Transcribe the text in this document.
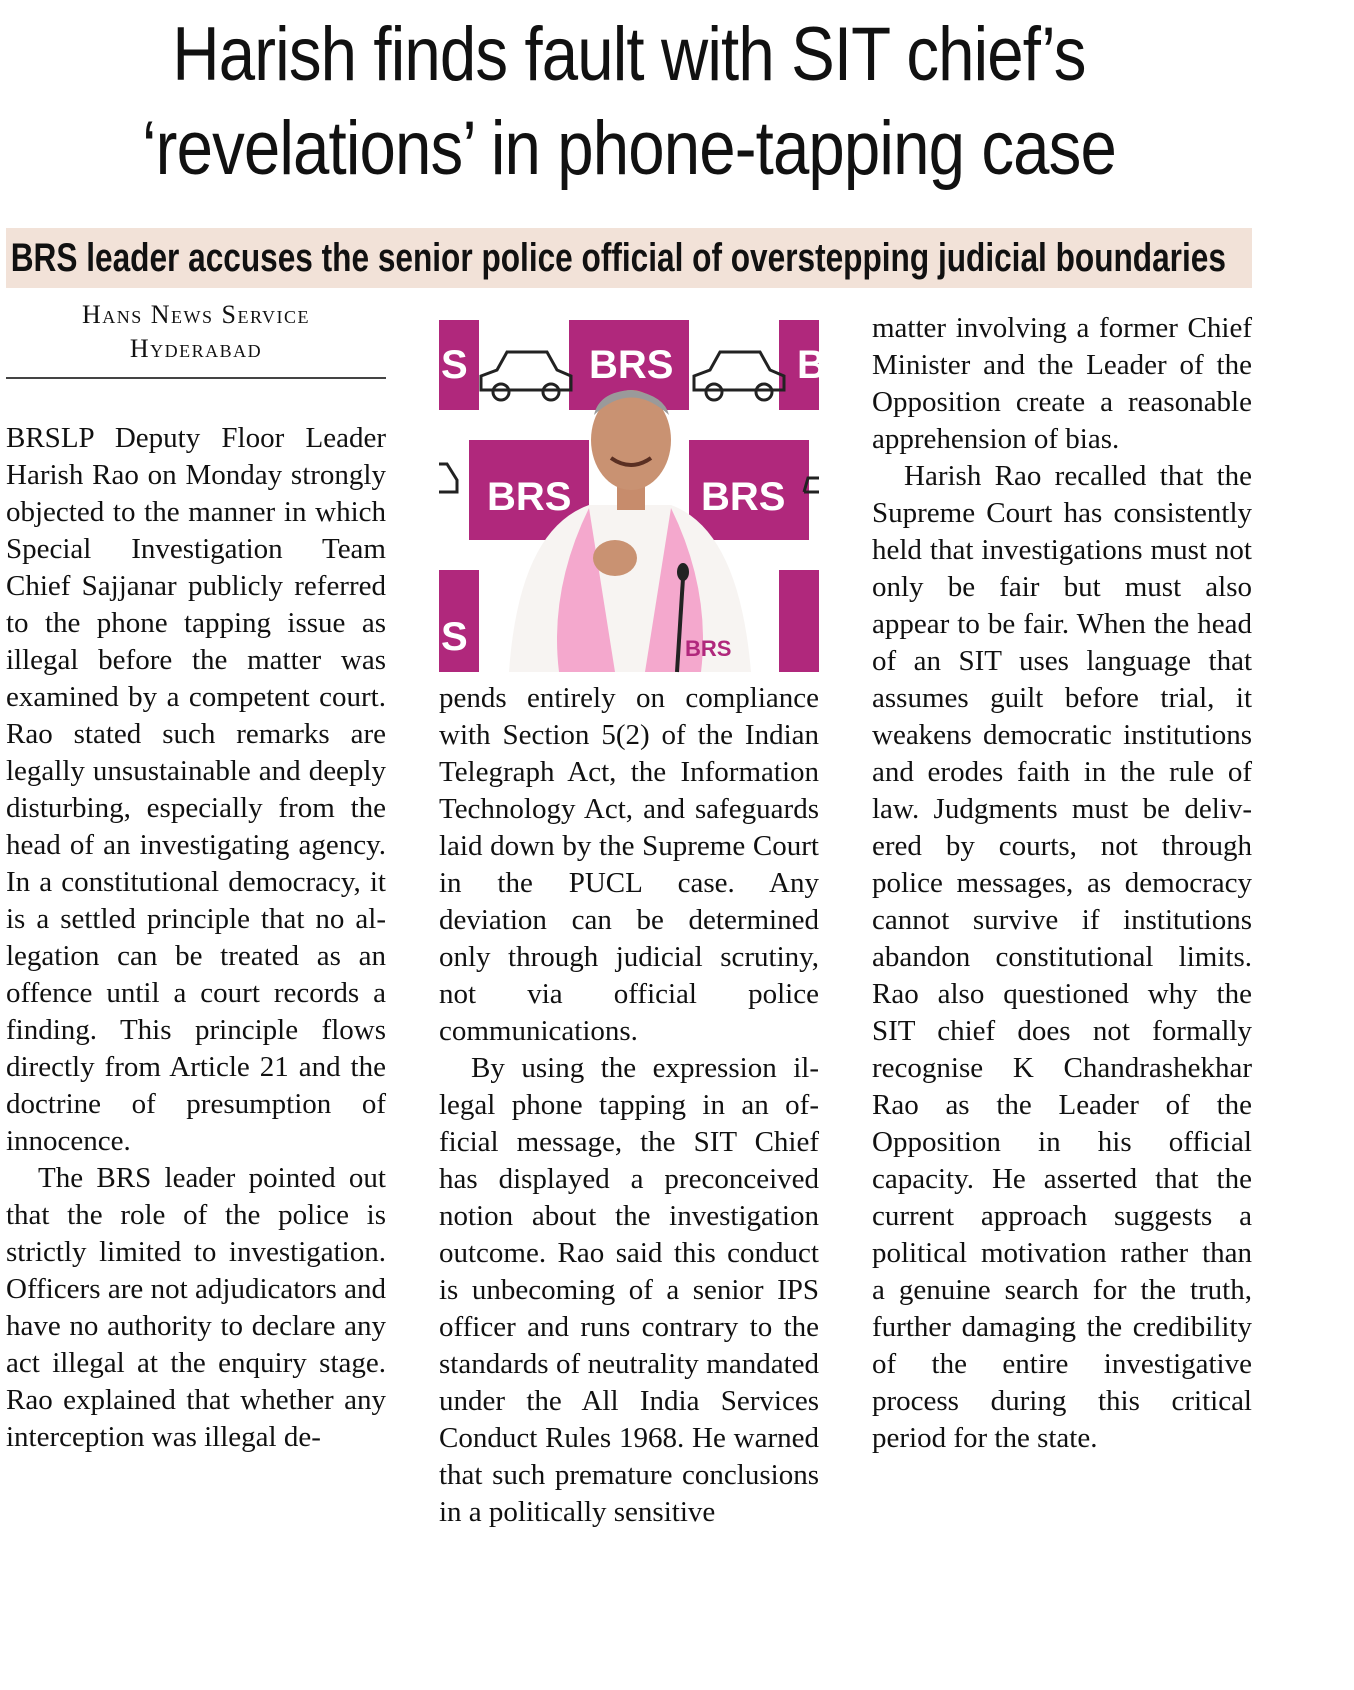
Harish finds fault with SIT chief’s
‘revelations’ in phone-tapping case
BRS leader accuses the senior police official of overstepping judicial boundaries
Hans News Service
Hyderabad

BRSLP Deputy Floor Leader Harish Rao on Monday strongly objected to the manner in which Special Investigation Team Chief Sajjanar publicly referred to the phone tapping issue as illegal before the matter was examined by a competent court. Rao stated such remarks are legally unsustainable and deeply disturbing, especially from the head of an investigating agency. In a constitutional democracy, it is a settled principle that no allegation can be treated as an offence until a court records a finding. This principle flows directly from Article 21 and the doctrine of presumption of innocence.

The BRS leader pointed out that the role of the police is strictly limited to investigation. Officers are not adjudicators and have no authority to declare any act illegal at the enquiry stage. Rao explained that whether any interception was illegal de-

BRS
BRS	BRS
S	B
S	BRS

pends entirely on compliance with Section 5(2) of the Indian Telegraph Act, the Information Technology Act, and safeguards laid down by the Supreme Court in the PUCL case. Any deviation can be determined only through judicial scrutiny, not via official police communications.

By using the expression illegal phone tapping in an official message, the SIT Chief has displayed a preconceived notion about the investigation outcome. Rao said this conduct is unbecoming of a senior IPS officer and runs contrary to the standards of neutrality mandated under the All India Services Conduct Rules 1968. He warned that such premature conclusions in a politically sensitive

matter involving a former Chief Minister and the Leader of the Opposition create a reasonable apprehension of bias.

Harish Rao recalled that the Supreme Court has consistently held that investigations must not only be fair but must also appear to be fair. When the head of an SIT uses language that assumes guilt before trial, it weakens democratic institutions and erodes faith in the rule of law. Judgments must be delivered by courts, not through police messages, as democracy cannot survive if institutions abandon constitutional limits. Rao also questioned why the SIT chief does not formally recognise K Chandrashekhar Rao as the Leader of the Opposition in his official capacity. He asserted that the current approach suggests a political motivation rather than a genuine search for the truth, further damaging the credibility of the entire investigative process during this critical period for the state.
